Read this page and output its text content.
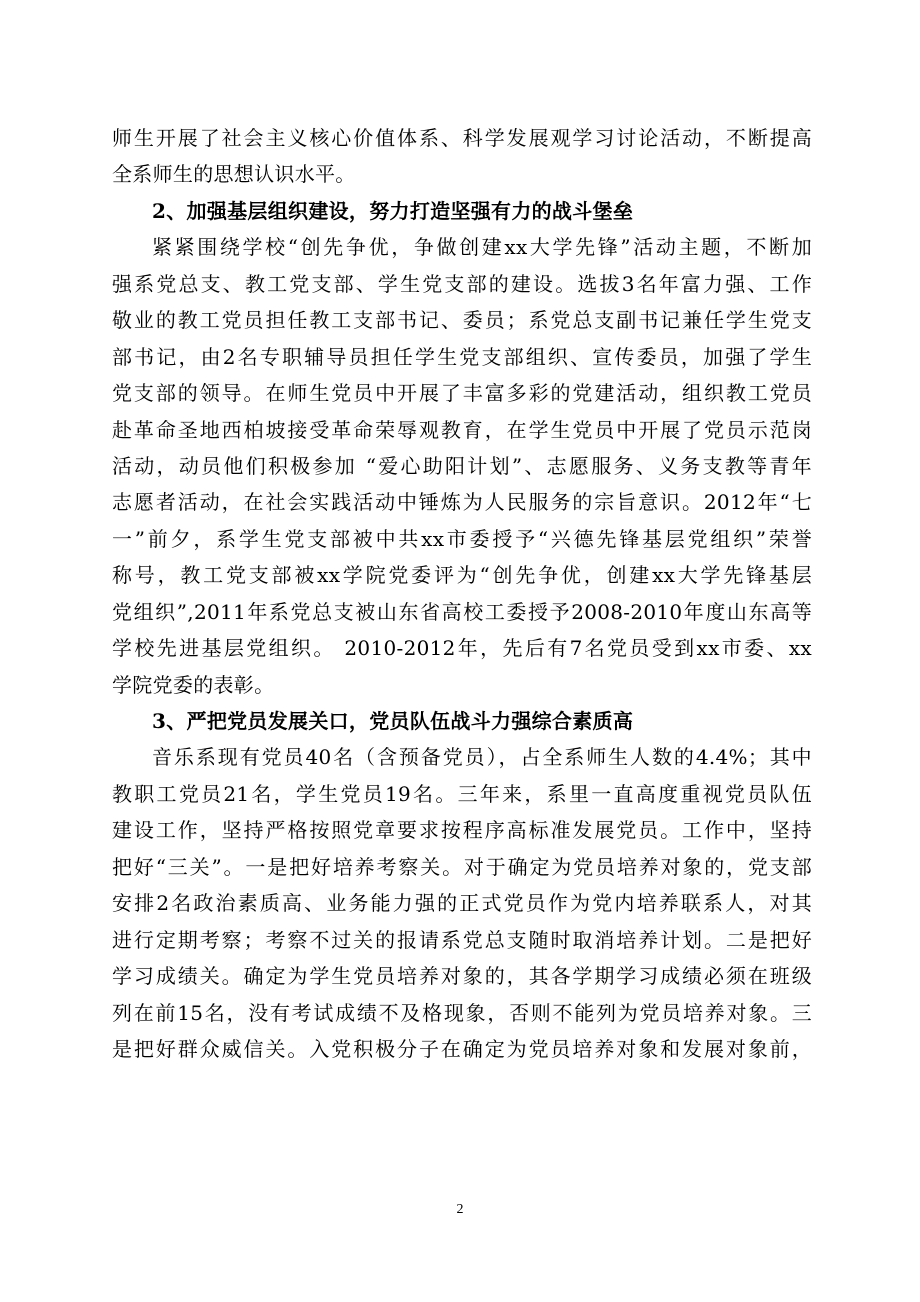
师生开展了社会主义核心价值体系、科学发展观学习讨论活动，不断提高
全系师生的思想认识水平。
2、加强基层组织建设，努力打造坚强有力的战斗堡垒
紧紧围绕学校“创先争优，争做创建xx大学先锋”活动主题，不断加
强系党总支、教工党支部、学生党支部的建设。选拔3名年富力强、工作
敬业的教工党员担任教工支部书记、委员；系党总支副书记兼任学生党支
部书记，由2名专职辅导员担任学生党支部组织、宣传委员，加强了学生
党支部的领导。在师生党员中开展了丰富多彩的党建活动，组织教工党员
赴革命圣地西柏坡接受革命荣辱观教育，在学生党员中开展了党员示范岗
活动，动员他们积极参加 “爱心助阳计划”、志愿服务、义务支教等青年
志愿者活动，在社会实践活动中锤炼为人民服务的宗旨意识。2012年“七
一”前夕，系学生党支部被中共xx市委授予“兴德先锋基层党组织”荣誉
称号，教工党支部被xx学院党委评为“创先争优，创建xx大学先锋基层
党组织”,2011年系党总支被山东省高校工委授予2008-2010年度山东高等
学校先进基层党组织。 2010-2012年，先后有7名党员受到xx市委、xx
学院党委的表彰。
3、严把党员发展关口，党员队伍战斗力强综合素质高
音乐系现有党员40名（含预备党员），占全系师生人数的4.4%；其中
教职工党员21名，学生党员19名。三年来，系里一直高度重视党员队伍
建设工作，坚持严格按照党章要求按程序高标准发展党员。工作中，坚持
把好“三关”。一是把好培养考察关。对于确定为党员培养对象的，党支部
安排2名政治素质高、业务能力强的正式党员作为党内培养联系人，对其
进行定期考察；考察不过关的报请系党总支随时取消培养计划。二是把好
学习成绩关。确定为学生党员培养对象的，其各学期学习成绩必须在班级
列在前15名，没有考试成绩不及格现象，否则不能列为党员培养对象。三
是把好群众威信关。入党积极分子在确定为党员培养对象和发展对象前，
2
